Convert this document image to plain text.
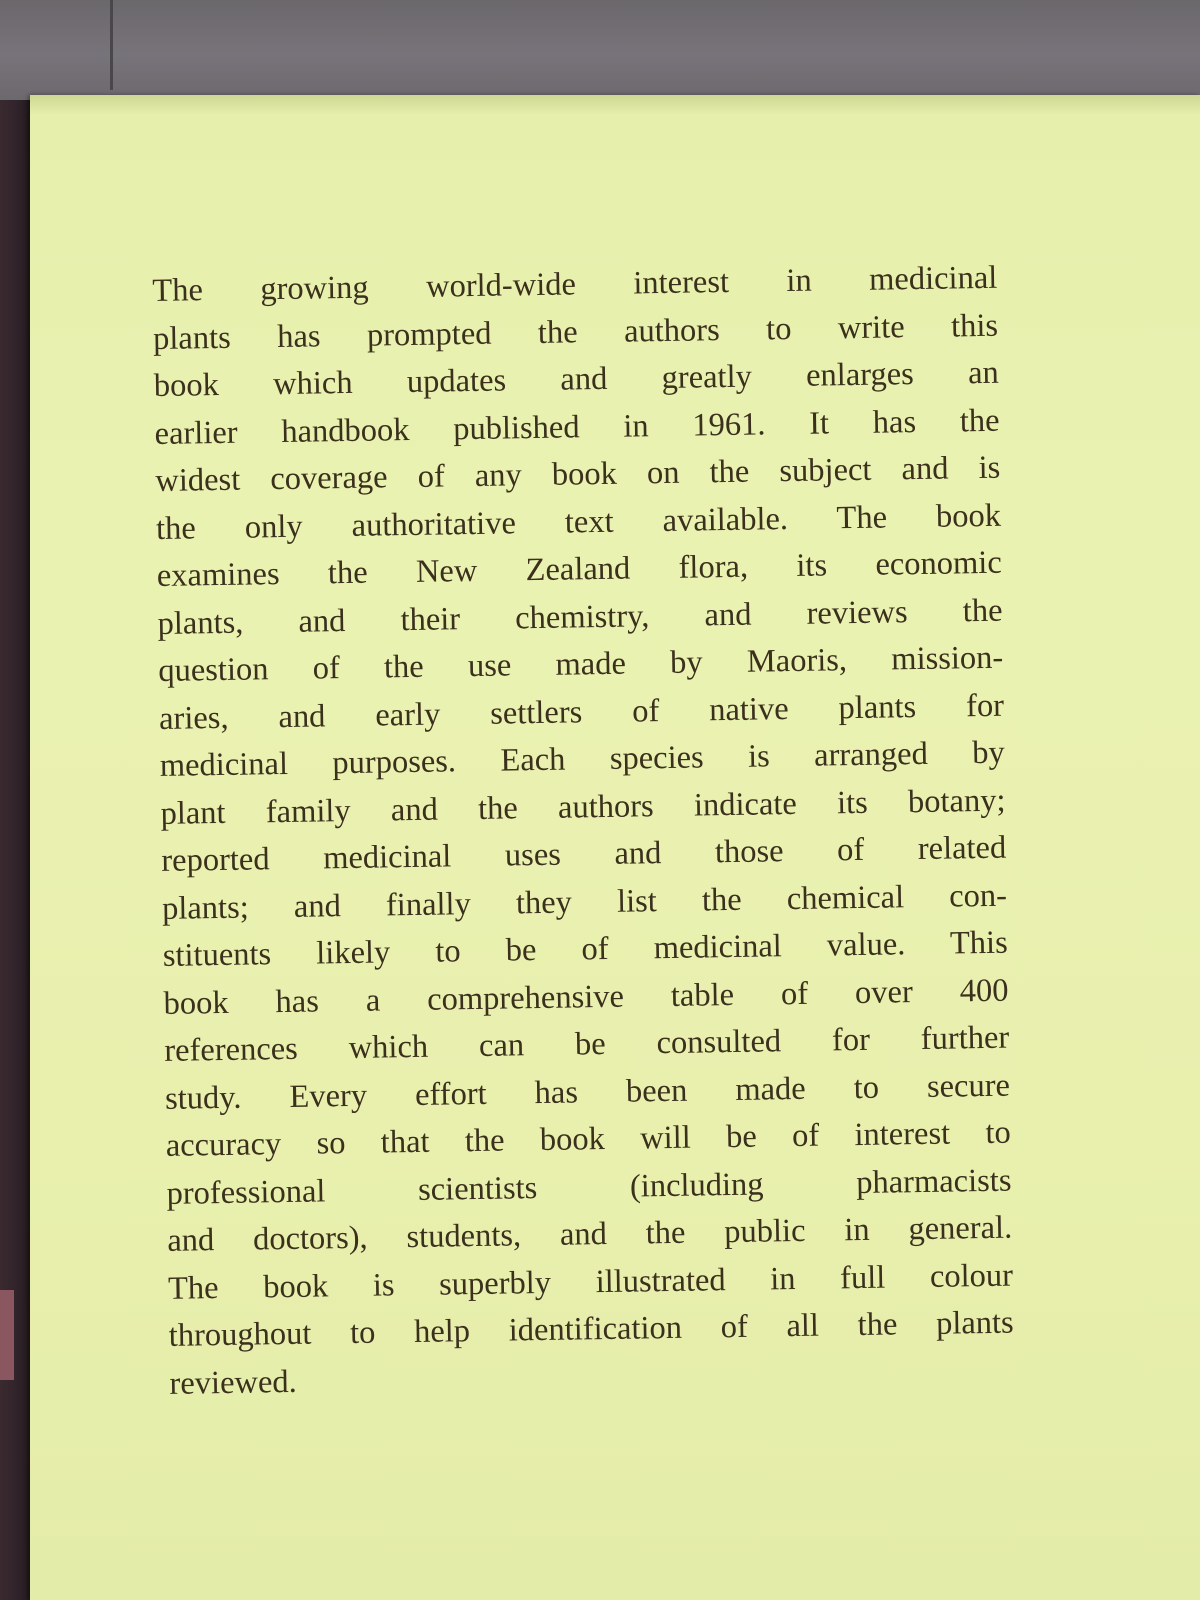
The growing world-wide interest in medicinal
plants has prompted the authors to write this
book which updates and greatly enlarges an
earlier handbook published in 1961. It has the
widest coverage of any book on the subject and is
the only authoritative text available. The book
examines the New Zealand flora, its economic
plants, and their chemistry, and reviews the
question of the use made by Maoris, mission-
aries, and early settlers of native plants for
medicinal purposes. Each species is arranged by
plant family and the authors indicate its botany;
reported medicinal uses and those of related
plants; and finally they list the chemical con-
stituents likely to be of medicinal value. This
book has a comprehensive table of over 400
references which can be consulted for further
study. Every effort has been made to secure
accuracy so that the book will be of interest to
professional scientists (including pharmacists
and doctors), students, and the public in general.
The book is superbly illustrated in full colour
throughout to help identification of all the plants
reviewed.
